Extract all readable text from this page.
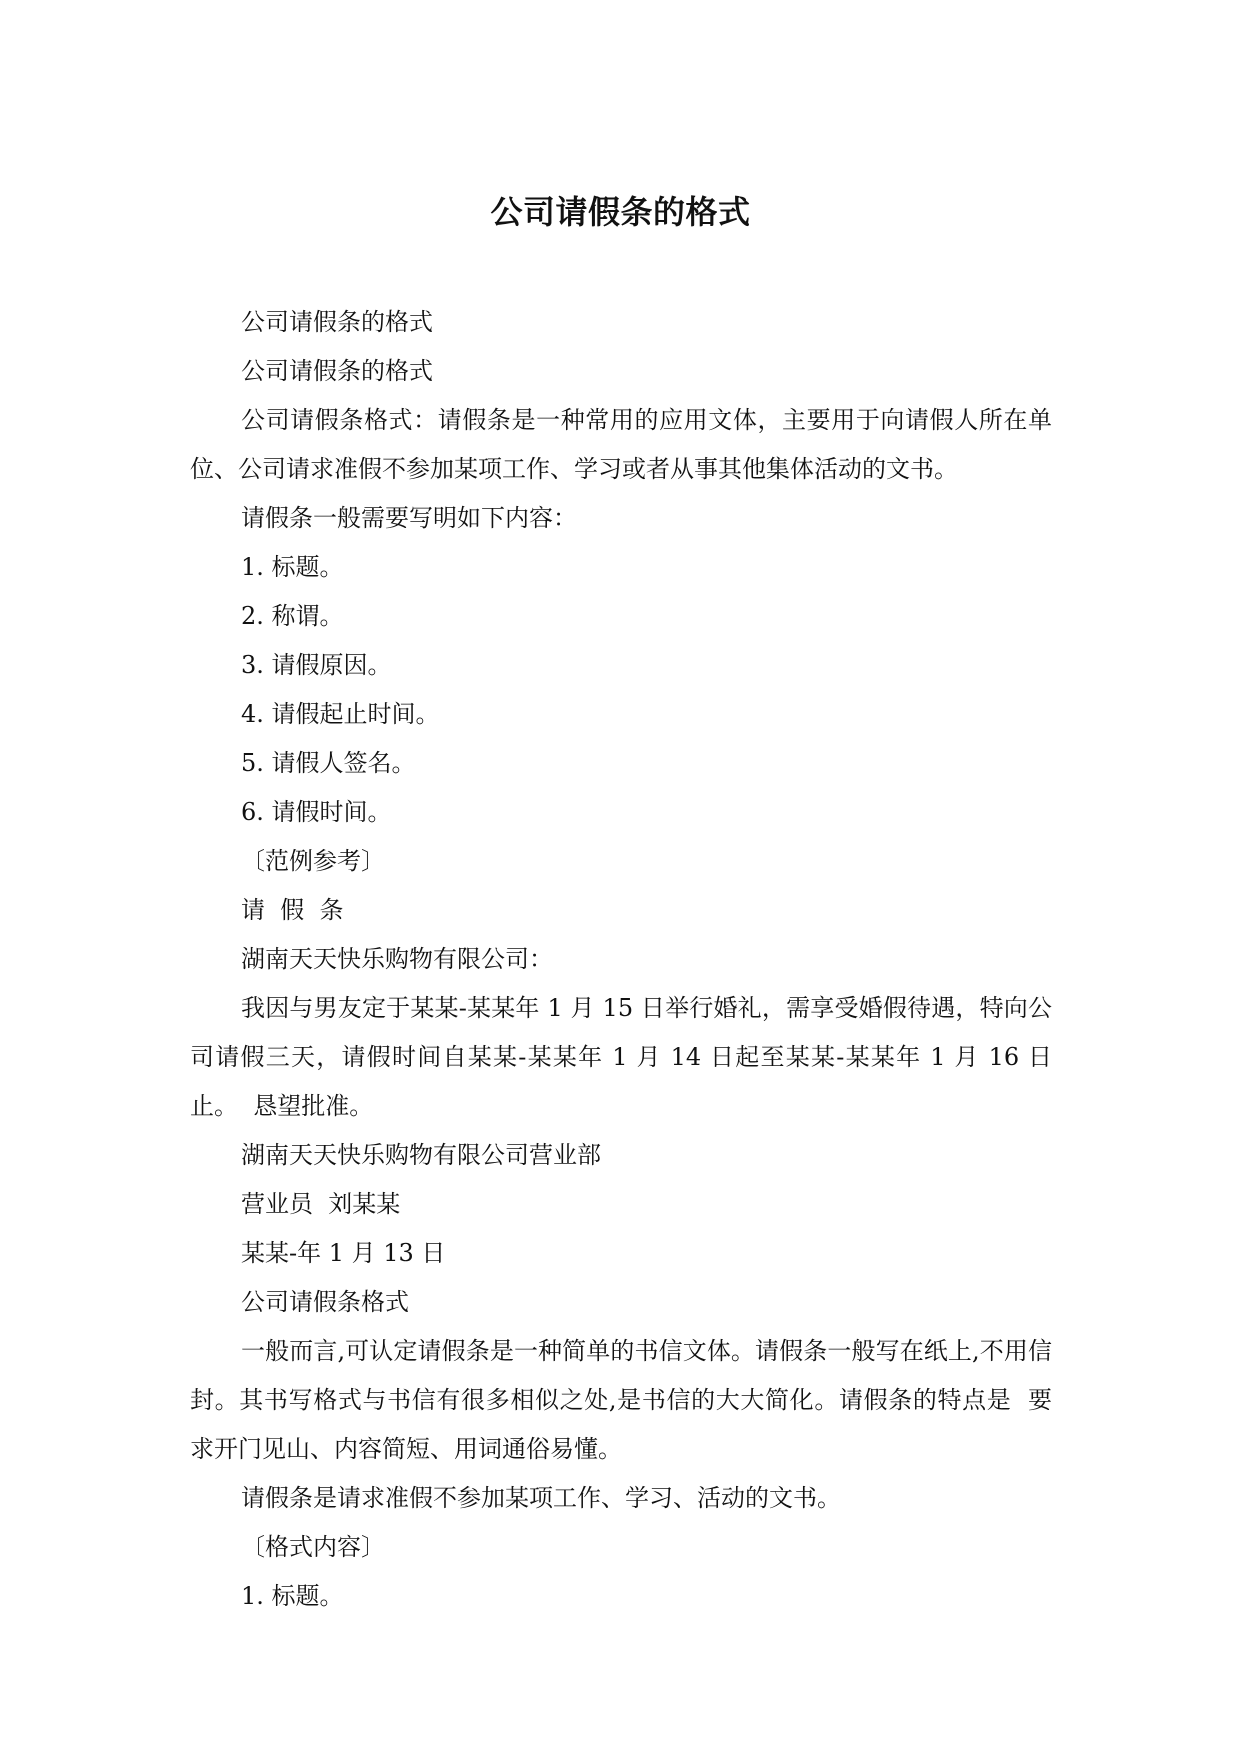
公司请假条的格式

公司请假条的格式

公司请假条的格式

公司请假条格式：请假条是一种常用的应用文体，主要用于向请假人所在单位、公司请求准假不参加某项工作、学习或者从事其他集体活动的文书。

请假条一般需要写明如下内容：

1. 标题。

2. 称谓。

3. 请假原因。

4. 请假起止时间。

5. 请假人签名。

6. 请假时间。

〔范例参考〕

请  假  条

湖南天天快乐购物有限公司：

我因与男友定于某某-某某年 1 月 15 日举行婚礼，需享受婚假待遇，特向公司请假三天，请假时间自某某-某某年 1 月 14 日起至某某-某某年 1 月 16 日止。  恳望批准。

湖南天天快乐购物有限公司营业部

营业员  刘某某

某某-年 1 月 13 日

公司请假条格式

一般而言,可认定请假条是一种简单的书信文体。请假条一般写在纸上,不用信封。其书写格式与书信有很多相似之处,是书信的大大简化。请假条的特点是  要求开门见山、内容简短、用词通俗易懂。

请假条是请求准假不参加某项工作、学习、活动的文书。

〔格式内容〕

1. 标题。
